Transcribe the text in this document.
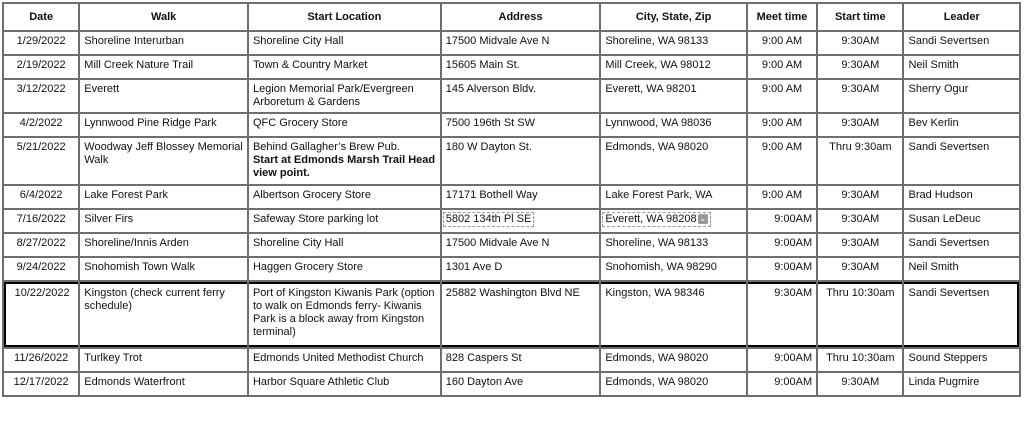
Date	Walk	Start Location	Address	City, State, Zip	Meet time	Start time	Leader
1/29/2022	Shoreline Interurban	Shoreline City Hall	17500 Midvale Ave N	Shoreline, WA 98133	9:00 AM	9:30AM	Sandi Severtsen
2/19/2022	Mill Creek Nature Trail	Town & Country Market	15605 Main St.	Mill Creek, WA 98012	9:00 AM	9:30AM	Neil Smith
3/12/2022	Everett	Legion Memorial Park/Evergreen Arboretum & Gardens	145 Alverson Bldv.	Everett, WA 98201	9:00 AM	9:30AM	Sherry Ogur
4/2/2022	Lynnwood Pine Ridge Park	QFC Grocery Store	7500 196th St SW	Lynnwood, WA 98036	9:00 AM	9:30AM	Bev Kerlin
5/21/2022	Woodway Jeff Blossey Memorial Walk	Behind Gallagher’s Brew Pub.
Start at Edmonds Marsh Trail Head view point.	180 W Dayton St.	Edmonds, WA 98020	9:00 AM	Thru 9:30am	Sandi Severtsen
6/4/2022	Lake Forest Park	Albertson Grocery Store	17171 Bothell Way	Lake Forest Park, WA	9:00 AM	9:30AM	Brad Hudson
7/16/2022	Silver Firs	Safeway Store parking lot	5802 134th Pl SE	Everett, WA 98208 ⌄	9:00AM	9:30AM	Susan LeDeuc
8/27/2022	Shoreline/Innis Arden	Shoreline City Hall	17500 Midvale Ave N	Shoreline, WA 98133	9:00AM	9:30AM	Sandi Severtsen
9/24/2022	Snohomish Town Walk	Haggen Grocery Store	1301 Ave D	Snohomish, WA 98290	9:00AM	9:30AM	Neil Smith
10/22/2022	Kingston (check current ferry schedule)	Port of Kingston Kiwanis Park (option to walk on Edmonds ferry- Kiwanis Park is a block away from Kingston terminal)	25882 Washington Blvd NE	Kingston, WA 98346	9:30AM	Thru 10:30am	Sandi Severtsen
11/26/2022	Turlkey Trot	Edmonds United Methodist Church	828 Caspers St	Edmonds, WA 98020	9:00AM	Thru 10:30am	Sound Steppers
12/17/2022	Edmonds Waterfront	Harbor Square Athletic Club	160 Dayton Ave	Edmonds, WA 98020	9:00AM	9:30AM	Linda Pugmire
